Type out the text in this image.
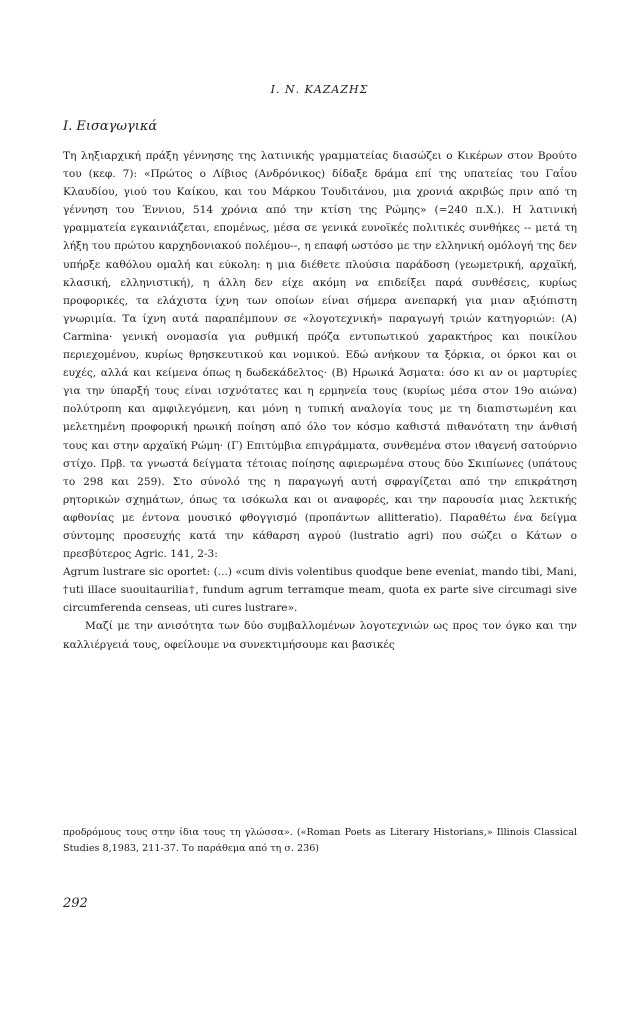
Ι. Ν. ΚΑΖΑΖΗΣ
Ι. Εισαγωγικά

Τη ληξιαρχική πράξη γέννησης της λατινικής γραμματείας διασώζει ο Κικέρων στον Βρούτο του (κεφ. 7): «Πρώτος ο Λίβιος (Ανδρόνικος) δίδαξε δράμα επί της υπατείας του Γαΐου Κλαυδίου, γιού του Καίκου, και του Μάρκου Τουδιτάνου, μια χρονιά ακριβώς πριν από τη γέννηση του Έννιου, 514 χρόνια από την κτίση της Ρώμης» (=240 π.Χ.). Η λατινική γραμματεία εγκαινιάζεται, επομένως, μέσα σε γενικά ευνοϊκές πολιτικές συνθήκες -- μετά τη λήξη του πρώτου καρχηδονιακού πολέμου--, η επαφή ωστόσο με την ελληνική ομόλογή της δεν υπήρξε καθόλου ομαλή και εύκολη: η μια διέθετε πλούσια παράδοση (γεωμετρική, αρχαϊκή, κλασική, ελληνιστική), η άλλη δεν είχε ακόμη να επιδείξει παρά συνθέσεις, κυρίως προφορικές, τα ελάχιστα ίχνη των οποίων είναι σήμερα ανεπαρκή για μιαν αξιόπιστη γνωριμία. Τα ίχνη αυτά παραπέμπουν σε «λογοτεχνική» παραγωγή τριών κατηγοριών: (Α) Carmina· γενική ονομασία για ρυθμική πρόζα εντυπωτικού χαρακτήρος και ποικίλου περιεχομένου, κυρίως θρησκευτικού και νομικού. Εδώ ανήκουν τα ξόρκια, οι όρκοι και οι ευχές, αλλά και κείμενα όπως η δωδεκάδελτος· (Β) Ηρωικά Άσματα: όσο κι αν οι μαρτυρίες για την ύπαρξή τους είναι ισχνότατες και η ερμηνεία τους (κυρίως μέσα στον 19ο αιώνα) πολύτροπη και αμφιλεγόμενη, και μόνη η τυπική αναλογία τους με τη διαπιστωμένη και μελετημένη προφορική ηρωική ποίηση από όλο τον κόσμο καθιστά πιθανότατη την άνθισή τους και στην αρχαϊκή Ρώμη· (Γ) Επιτύμβια επιγράμματα, συνθεμένα στον ιθαγενή σατούρνιο στίχο. Πρβ. τα γνωστά δείγματα τέτοιας ποίησης αφιερωμένα στους δύο Σκιπίωνες (υπάτους το 298 και 259). Στο σύνολό της η παραγωγή αυτή σφραγίζεται από την επικράτηση ρητορικών σχημάτων, όπως τα ισόκωλα και οι αναφορές, και την παρουσία μιας λεκτικής αφθονίας με έντονα μουσικό φθογγισμό (προπάντων allitteratio). Παραθέτω ένα δείγμα σύντομης προσευχής κατά την κάθαρση αγρού (lustratio agri) που σώζει ο Κάτων ο πρεσβύτερος Agric. 141, 2-3:

Agrum lustrare sic oportet: (...) «cum divis volentibus quodque bene eveniat, mando tibi, Mani, †uti illace suouitaurilia†, fundum agrum terramque meam, quota ex parte sive circumagi sive circumferenda censeas, uti cures lustrare».

Μαζί με την ανισότητα των δύο συμβαλλομένων λογοτεχνιών ως προς τον όγκο και την καλλιέργειά τους, οφείλουμε να συνεκτιμήσουμε και βασικές

προδρόμους τους στην ίδια τους τη γλώσσα». («Roman Poets as Literary Historians,» Illinois Classical Studies 8,1983, 211-37. Το παράθεμα από τη σ. 236)

292
